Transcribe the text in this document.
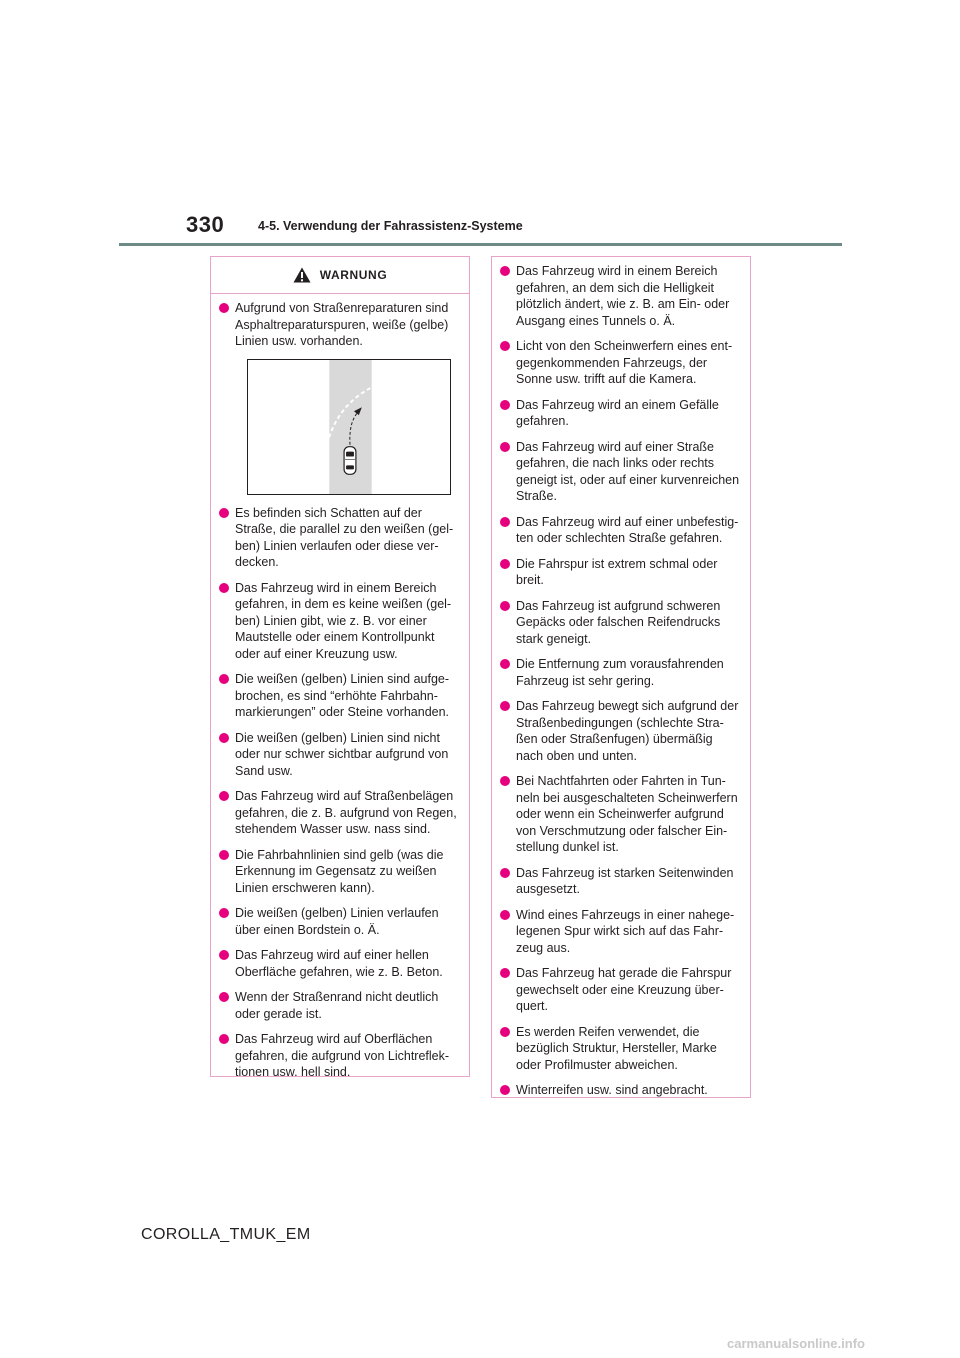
330	4-5. Verwendung der Fahrassistenz-Systeme
WARNUNG
Aufgrund von Straßenreparaturen sind
Asphaltreparaturspuren, weiße (gelbe)
Linien usw. vorhanden.
Es befinden sich Schatten auf der
Straße, die parallel zu den weißen (gel-
ben) Linien verlaufen oder diese ver-
decken.
Das Fahrzeug wird in einem Bereich
gefahren, in dem es keine weißen (gel-
ben) Linien gibt, wie z. B. vor einer
Mautstelle oder einem Kontrollpunkt
oder auf einer Kreuzung usw.
Die weißen (gelben) Linien sind aufge-
brochen, es sind “erhöhte Fahrbahn-
markierungen” oder Steine vorhanden.
Die weißen (gelben) Linien sind nicht
oder nur schwer sichtbar aufgrund von
Sand usw.
Das Fahrzeug wird auf Straßenbelägen
gefahren, die z. B. aufgrund von Regen,
stehendem Wasser usw. nass sind.
Die Fahrbahnlinien sind gelb (was die
Erkennung im Gegensatz zu weißen
Linien erschweren kann).
Die weißen (gelben) Linien verlaufen
über einen Bordstein o. Ä.
Das Fahrzeug wird auf einer hellen
Oberfläche gefahren, wie z. B. Beton.
Wenn der Straßenrand nicht deutlich
oder gerade ist.
Das Fahrzeug wird auf Oberflächen
gefahren, die aufgrund von Lichtreflek-
tionen usw. hell sind.
Das Fahrzeug wird in einem Bereich
gefahren, an dem sich die Helligkeit
plötzlich ändert, wie z. B. am Ein- oder
Ausgang eines Tunnels o. Ä.
Licht von den Scheinwerfern eines ent-
gegenkommenden Fahrzeugs, der
Sonne usw. trifft auf die Kamera.
Das Fahrzeug wird an einem Gefälle
gefahren.
Das Fahrzeug wird auf einer Straße
gefahren, die nach links oder rechts
geneigt ist, oder auf einer kurvenreichen
Straße.
Das Fahrzeug wird auf einer unbefestig-
ten oder schlechten Straße gefahren.
Die Fahrspur ist extrem schmal oder
breit.
Das Fahrzeug ist aufgrund schweren
Gepäcks oder falschen Reifendrucks
stark geneigt.
Die Entfernung zum vorausfahrenden
Fahrzeug ist sehr gering.
Das Fahrzeug bewegt sich aufgrund der
Straßenbedingungen (schlechte Stra-
ßen oder Straßenfugen) übermäßig
nach oben und unten.
Bei Nachtfahrten oder Fahrten in Tun-
neln bei ausgeschalteten Scheinwerfern
oder wenn ein Scheinwerfer aufgrund
von Verschmutzung oder falscher Ein-
stellung dunkel ist.
Das Fahrzeug ist starken Seitenwinden
ausgesetzt.
Wind eines Fahrzeugs in einer nahege-
legenen Spur wirkt sich auf das Fahr-
zeug aus.
Das Fahrzeug hat gerade die Fahrspur
gewechselt oder eine Kreuzung über-
quert.
Es werden Reifen verwendet, die
bezüglich Struktur, Hersteller, Marke
oder Profilmuster abweichen.
Winterreifen usw. sind angebracht.
COROLLA_TMUK_EM
carmanualsonline.info
